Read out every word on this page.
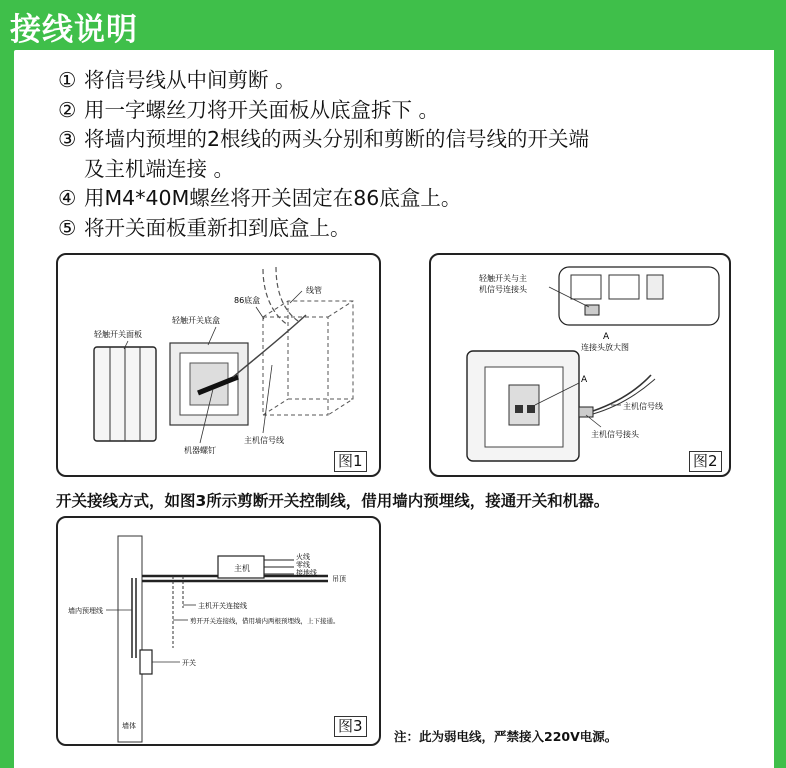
接线说明
① 将信号线从中间剪断 。
② 用一字螺丝刀将开关面板从底盒拆下 。
③ 将墙内预埋的2根线的两头分别和剪断的信号线的开关端
及主机端连接 。
④ 用M4*40M螺丝将开关固定在86底盒上。
⑤ 将开关面板重新扣到底盒上。
线管
86底盒
轻触开关底盒
轻触开关面板
主机信号线
机器螺钉
图1
轻触开关与主
机信号连接头
A
连接头放大图
A
主机信号线
主机信号接头
图2
开关接线方式，如图3所示剪断开关控制线，借用墙内预埋线，接通开关和机器。
主机
火线
零线
接地线
吊顶
主机开关连接线
剪开开关连接线，借用墙内两根预埋线，上下接通。
墙内预埋线
开关
墙体	图3
注：此为弱电线，严禁接入220V电源。
